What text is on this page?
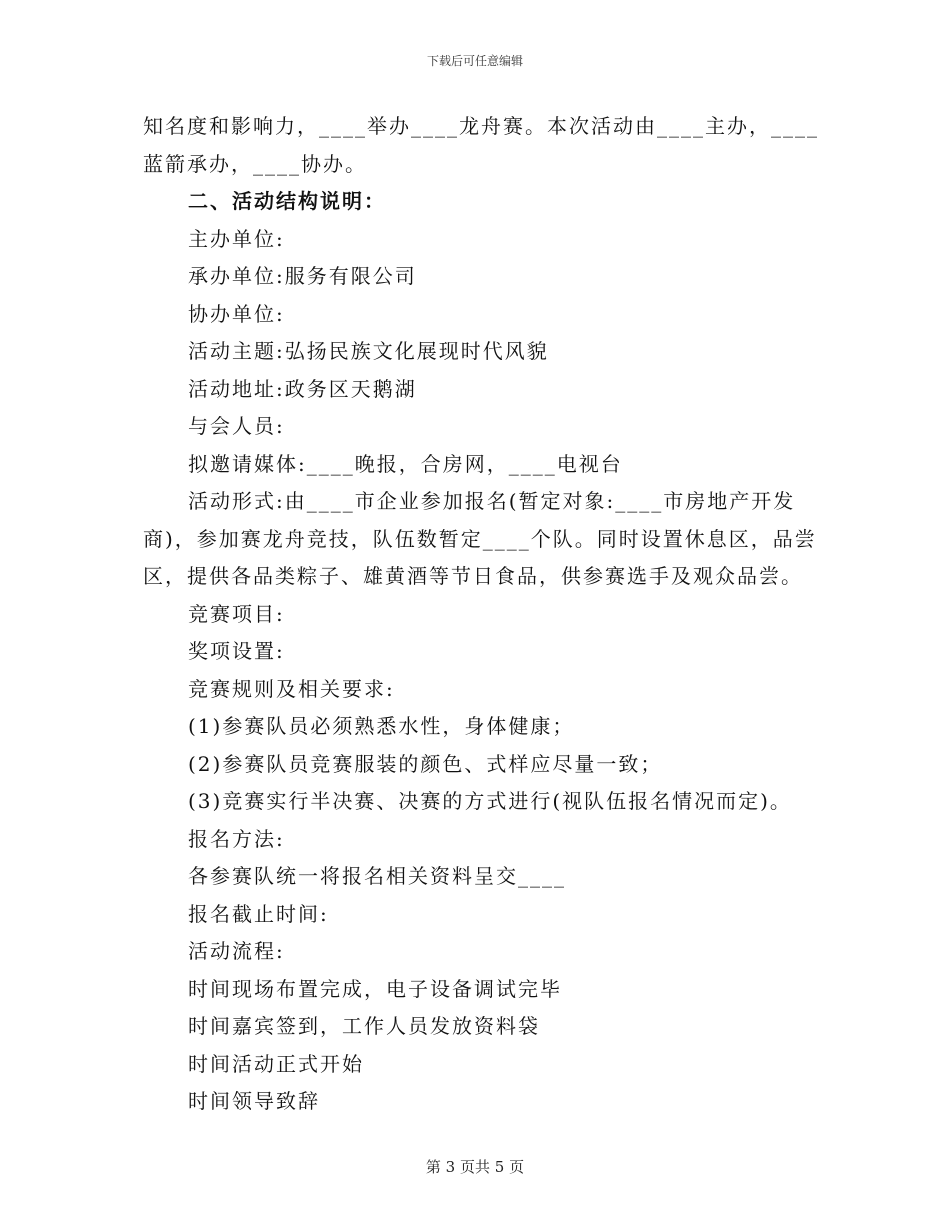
下载后可任意编辑
知名度和影响力，____举办____龙舟赛。本次活动由____主办，____
蓝箭承办，____协办。
二、活动结构说明：
主办单位:
承办单位:服务有限公司
协办单位:
活动主题:弘扬民族文化展现时代风貌
活动地址:政务区天鹅湖
与会人员:
拟邀请媒体:____晚报，合房网，____电视台
活动形式:由____市企业参加报名(暂定对象:____市房地产开发
商)，参加赛龙舟竞技，队伍数暂定____个队。同时设置休息区，品尝
区，提供各品类粽子、雄黄酒等节日食品，供参赛选手及观众品尝。
竞赛项目:
奖项设置:
竞赛规则及相关要求:
(1)参赛队员必须熟悉水性，身体健康；
(2)参赛队员竞赛服装的颜色、式样应尽量一致；
(3)竞赛实行半决赛、决赛的方式进行(视队伍报名情况而定)。
报名方法:
各参赛队统一将报名相关资料呈交____
报名截止时间:
活动流程:
时间现场布置完成，电子设备调试完毕
时间嘉宾签到，工作人员发放资料袋
时间活动正式开始
时间领导致辞
第 3 页共 5 页
